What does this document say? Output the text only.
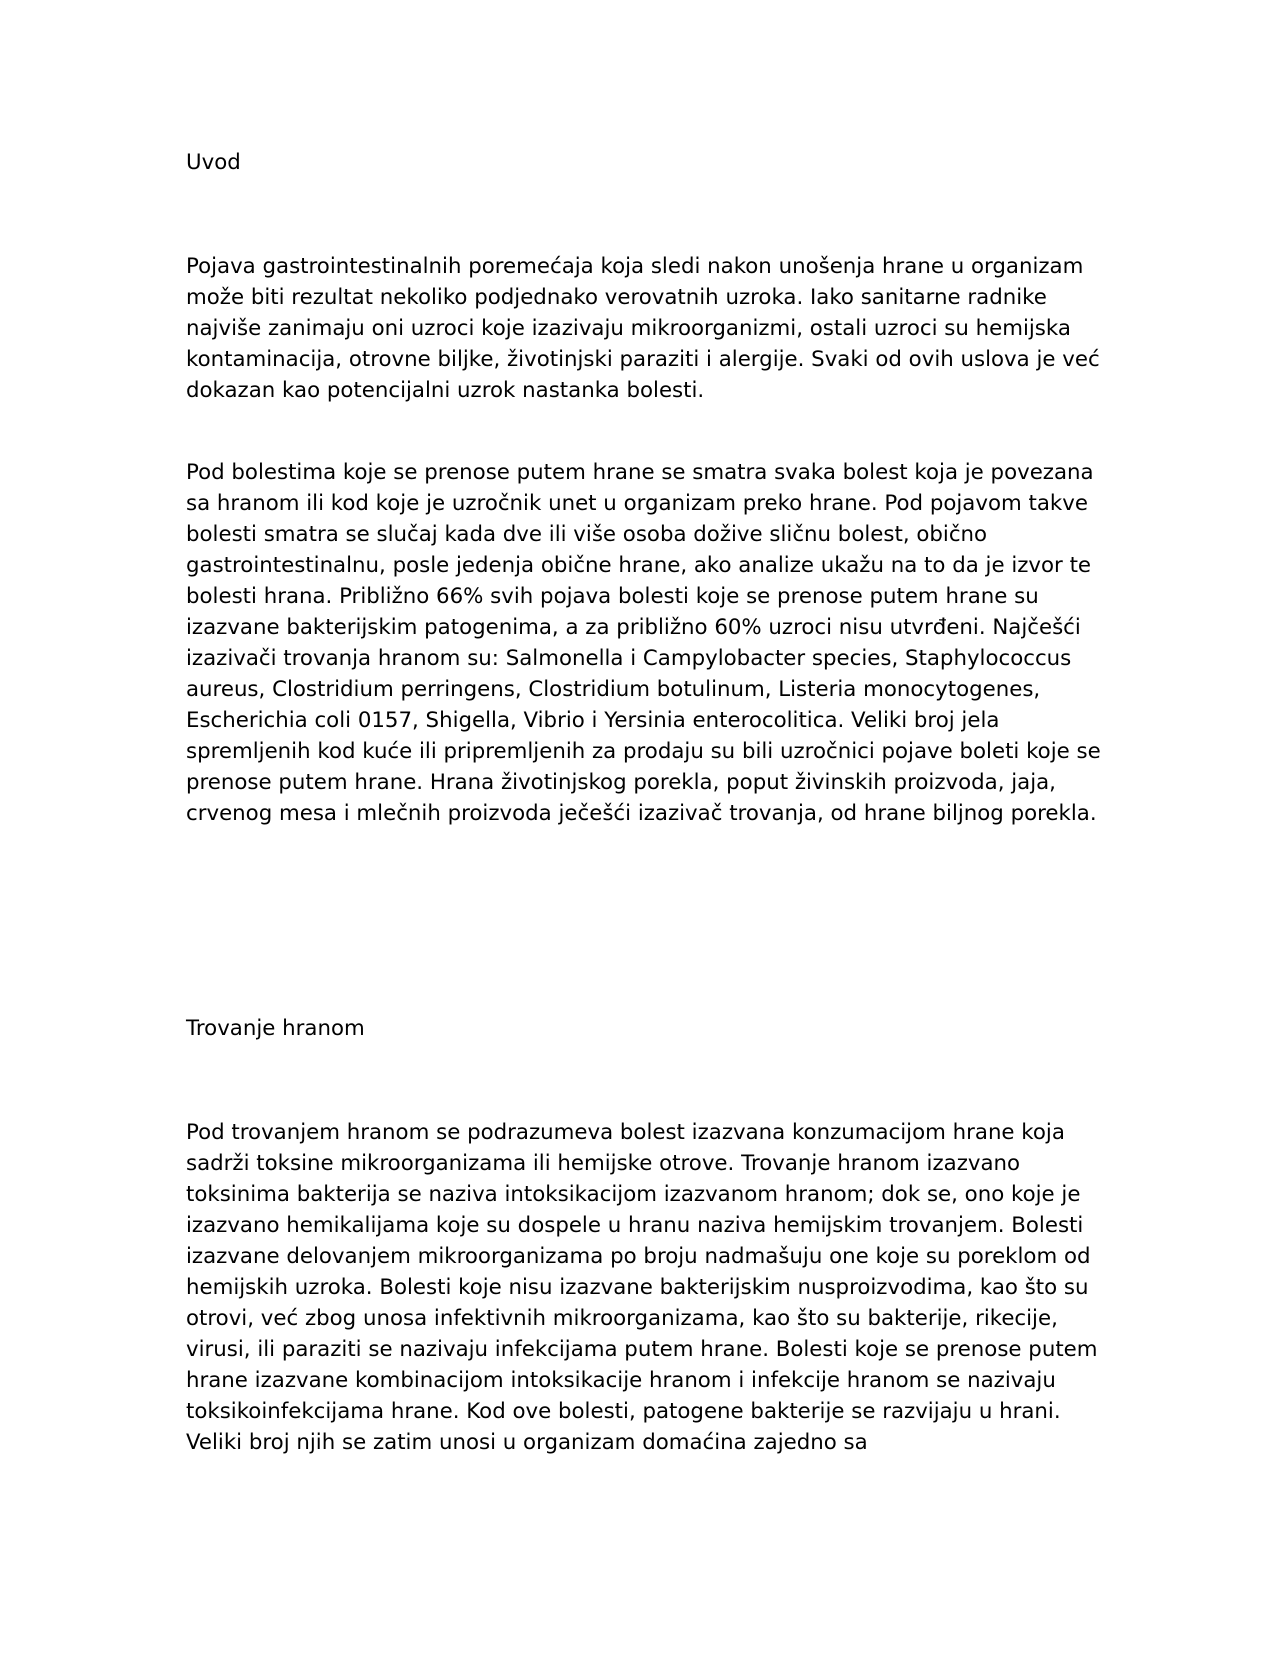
Uvod

Pojava gastrointestinalnih poremećaja koja sledi nakon unošenja hrane u organizam može biti rezultat nekoliko podjednako verovatnih uzroka. Iako sanitarne radnike najviše zanimaju oni uzroci koje izazivaju mikroorganizmi, ostali uzroci su hemijska kontaminacija, otrovne biljke, životinjski paraziti i alergije. Svaki od ovih uslova je već dokazan kao potencijalni uzrok nastanka bolesti.

Pod bolestima koje se prenose putem hrane se smatra svaka bolest koja je povezana sa hranom ili kod koje je uzročnik unet u organizam preko hrane. Pod pojavom takve bolesti smatra se slučaj kada dve ili više osoba dožive sličnu bolest, obično gastrointestinalnu, posle jedenja obične hrane, ako analize ukažu na to da je izvor te bolesti hrana. Približno 66% svih pojava bolesti koje se prenose putem hrane su izazvane bakterijskim patogenima, a za približno 60% uzroci nisu utvrđeni. Najčešći izazivači trovanja hranom su: Salmonella i Campylobacter species, Staphylococcus aureus, Clostridium perringens, Clostridium botulinum, Listeria monocytogenes, Escherichia coli 0157, Shigella, Vibrio i Yersinia enterocolitica. Veliki broj jela spremljenih kod kuće ili pripremljenih za prodaju su bili uzročnici pojave boleti koje se prenose putem hrane. Hrana životinjskog porekla, poput živinskih proizvoda, jaja, crvenog mesa i mlečnih proizvoda ječešći izazivač trovanja, od hrane biljnog porekla.

Trovanje hranom

Pod trovanjem hranom se podrazumeva bolest izazvana konzumacijom hrane koja sadrži toksine mikroorganizama ili hemijske otrove. Trovanje hranom izazvano toksinima bakterija se naziva intoksikacijom izazvanom hranom; dok se, ono koje je izazvano hemikalijama koje su dospele u hranu naziva hemijskim trovanjem. Bolesti izazvane delovanjem mikroorganizama po broju nadmašuju one koje su poreklom od hemijskih uzroka. Bolesti koje nisu izazvane bakterijskim nusproizvodima, kao što su otrovi, već zbog unosa infektivnih mikroorganizama, kao što su bakterije, rikecije, virusi, ili paraziti se nazivaju infekcijama putem hrane. Bolesti koje se prenose putem hrane izazvane kombinacijom intoksikacije hranom i infekcije hranom se nazivaju toksikoinfekcijama hrane. Kod ove bolesti, patogene bakterije se razvijaju u hrani. Veliki broj njih se zatim unosi u organizam domaćina zajedno sa
